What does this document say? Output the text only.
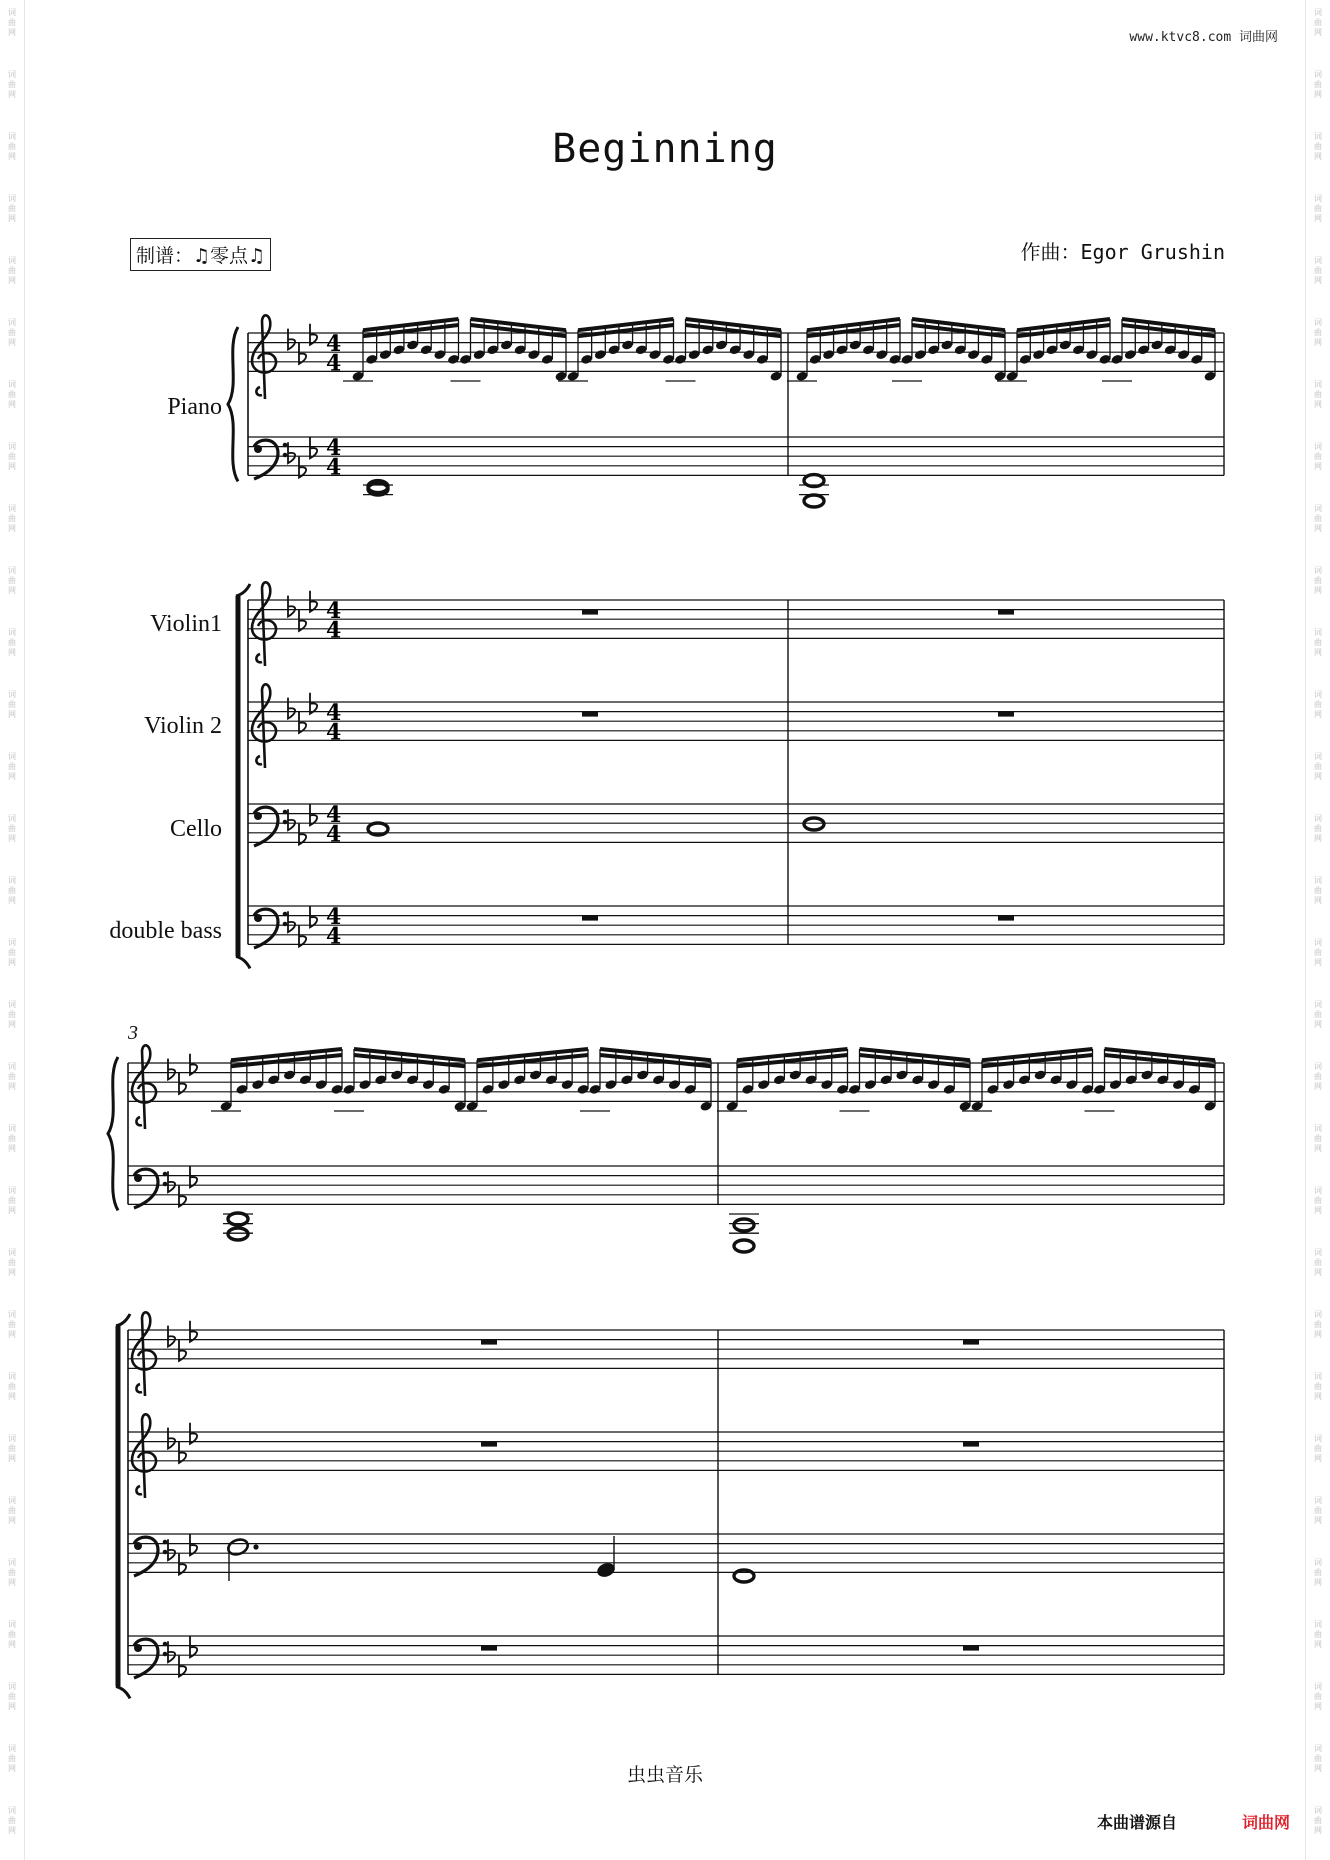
词
曲
网
词
曲
网
词
曲
网
词
曲
网
词
曲
网
词
曲
网
词
曲
网
词
曲
网
词
曲
网
词
曲
网
词
曲
网
词
曲
网
词
曲
网
词
曲
网
词
曲
网
词
曲
网
词
曲
网
词
曲
网
词
曲
网
词
曲
网
词
曲
网
词
曲
网
词
曲
网
词
曲
网
词
曲
网
词
曲
网
词
曲
网
词
曲
网
词
曲
网
词
曲
网
词
曲
网
词
曲
网
词
曲
网
词
曲
网
词
曲
网
词
曲
网
词
曲
网
词
曲
网
词
曲
网
词
曲
网
词
曲
网
词
曲
网
词
曲
网
词
曲
网
词
曲
网
词
曲
网
词
曲
网
词
曲
网
词
曲
网
词
曲
网
词
曲
网
词
曲
网
词
曲
网
词
曲
网
词
曲
网
词
曲
网
词
曲
网
词
曲
网
词
曲
网
词
曲
网
www.ktvc8.com 词曲网
Beginning
制谱：♫零点♫	作曲：Egor Grushin
4
4
4
4
4
4
4
4
4
4
4
4
Piano
Violin1
Violin 2
Cello
double bass
3
虫虫音乐
本曲谱源自	词曲网
